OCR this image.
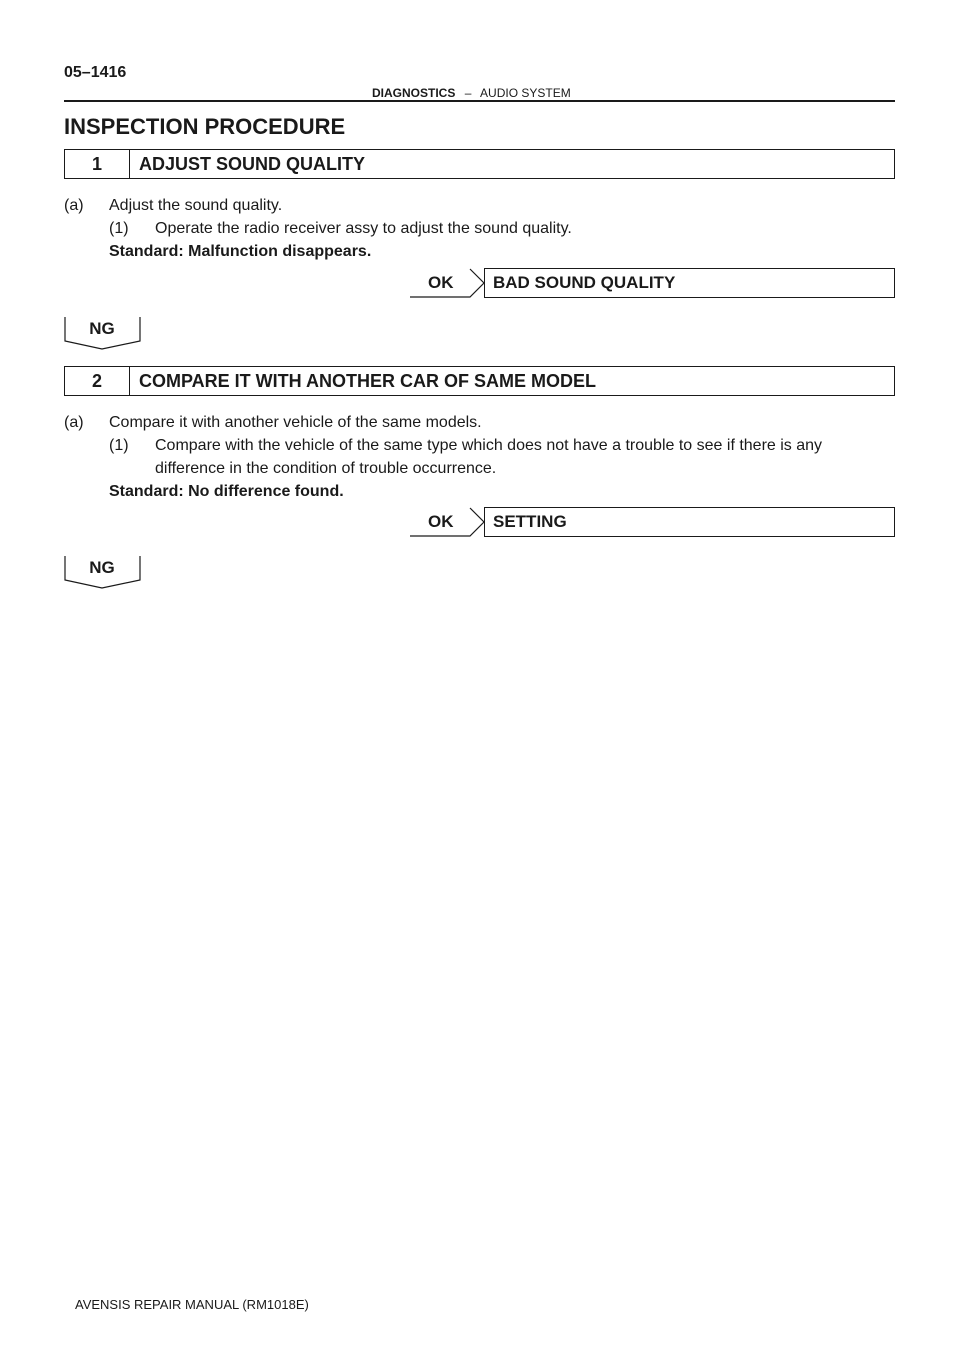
05–1416
DIAGNOSTICS – AUDIO SYSTEM
INSPECTION PROCEDURE
1	ADJUST SOUND QUALITY
(a) Adjust the sound quality.
(1) Operate the radio receiver assy to adjust the sound quality.
Standard: Malfunction disappears.
OK BAD SOUND QUALITY
NG
2	COMPARE IT WITH ANOTHER CAR OF SAME MODEL
(a) Compare it with another vehicle of the same models.
(1) Compare with the vehicle of the same type which does not have a trouble to see if there is any
difference in the condition of trouble occurrence.
Standard: No difference found.
OK SETTING
NG
AVENSIS REPAIR MANUAL (RM1018E)
